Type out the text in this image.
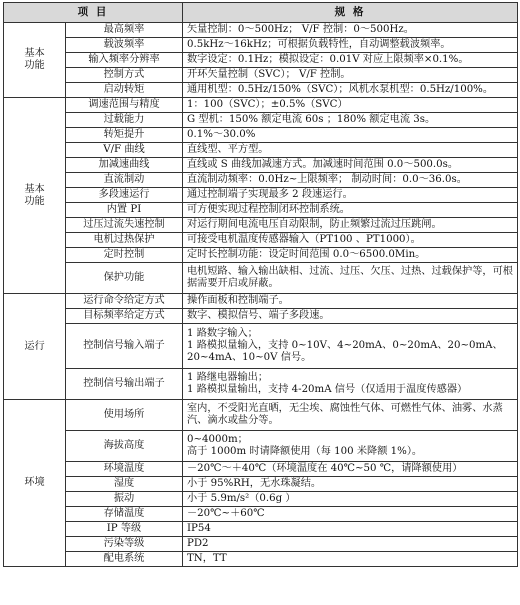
项 目		规 格
基本
功能	最高频率	矢量控制：0～500Hz； V/F 控制：0～500Hz。

	载波频率	0.5kHz～16kHz；可根据负载特性，自动调整载波频率。

	输入频率分辨率	数字设定：0.1Hz；模拟设定：0.01V 对应上限频率×0.1%。

	控制方式	开环矢量控制（SVC）； V/F 控制。

	启动转矩	通用机型：0.5Hz/150%（SVC）；风机水泵机型：0.5Hz/100%。

基本
功能	调速范围与精度	1：100（SVC）；±0.5%（SVC）

	过载能力	G 型机：150% 额定电流 60s ；180% 额定电流 3s。

	转矩提升	0.1%～30.0%

	V/F 曲线	直线型、平方型。

	加减速曲线	直线或 S 曲线加减速方式。加减速时间范围 0.0～500.0s。

	直流制动	直流制动频率：0.0Hz~上限频率； 制动时间：0.0～36.0s。

	多段速运行	通过控制端子实现最多 2 段速运行。

	内置 PI	可方便实现过程控制闭环控制系统。

	过压过流失速控制	对运行期间电流电压自动限制，防止频繁过流过压跳闸。

	电机过热保护	可接受电机温度传感器输入（PT100 、PT1000）。

	定时控制	定时长控制功能：设定时间范围 0.0～6500.0Min。

	保护功能	电机短路、输入输出缺相、过流、过压、欠压、过热、过载保护等，可根据需要开启或屏蔽。

运行	运行命令给定方式	操作面板和控制端子。

	目标频率给定方式	数字、模拟信号、端子多段速。

	控制信号输入端子	1 路数字输入；
1 路模拟量输入，支持 0~10V、4~20mA、0~20mA、20~0mA、20~4mA、10~0V 信号。

	控制信号输出端子	1 路继电器输出；
1 路模拟量输出，支持 4-20mA 信号（仅适用于温度传感器）

环境	使用场所	室内，不受阳光直晒，无尘埃、腐蚀性气体、可燃性气体、油雾、水蒸汽、滴水或盐分等。

	海拔高度	0~4000m；
高于 1000m 时请降额使用（每 100 米降额 1%）。

	环境温度	－20℃～＋40℃（环境温度在 40℃~50 ℃，请降额使用）

	湿度	小于 95%RH，无水珠凝结。

	振动	小于 5.9m/s²（0.6g ）

	存储温度	－20℃~＋60℃

	IP 等级	IP54

	污染等级	PD2

	配电系统	TN，TT
